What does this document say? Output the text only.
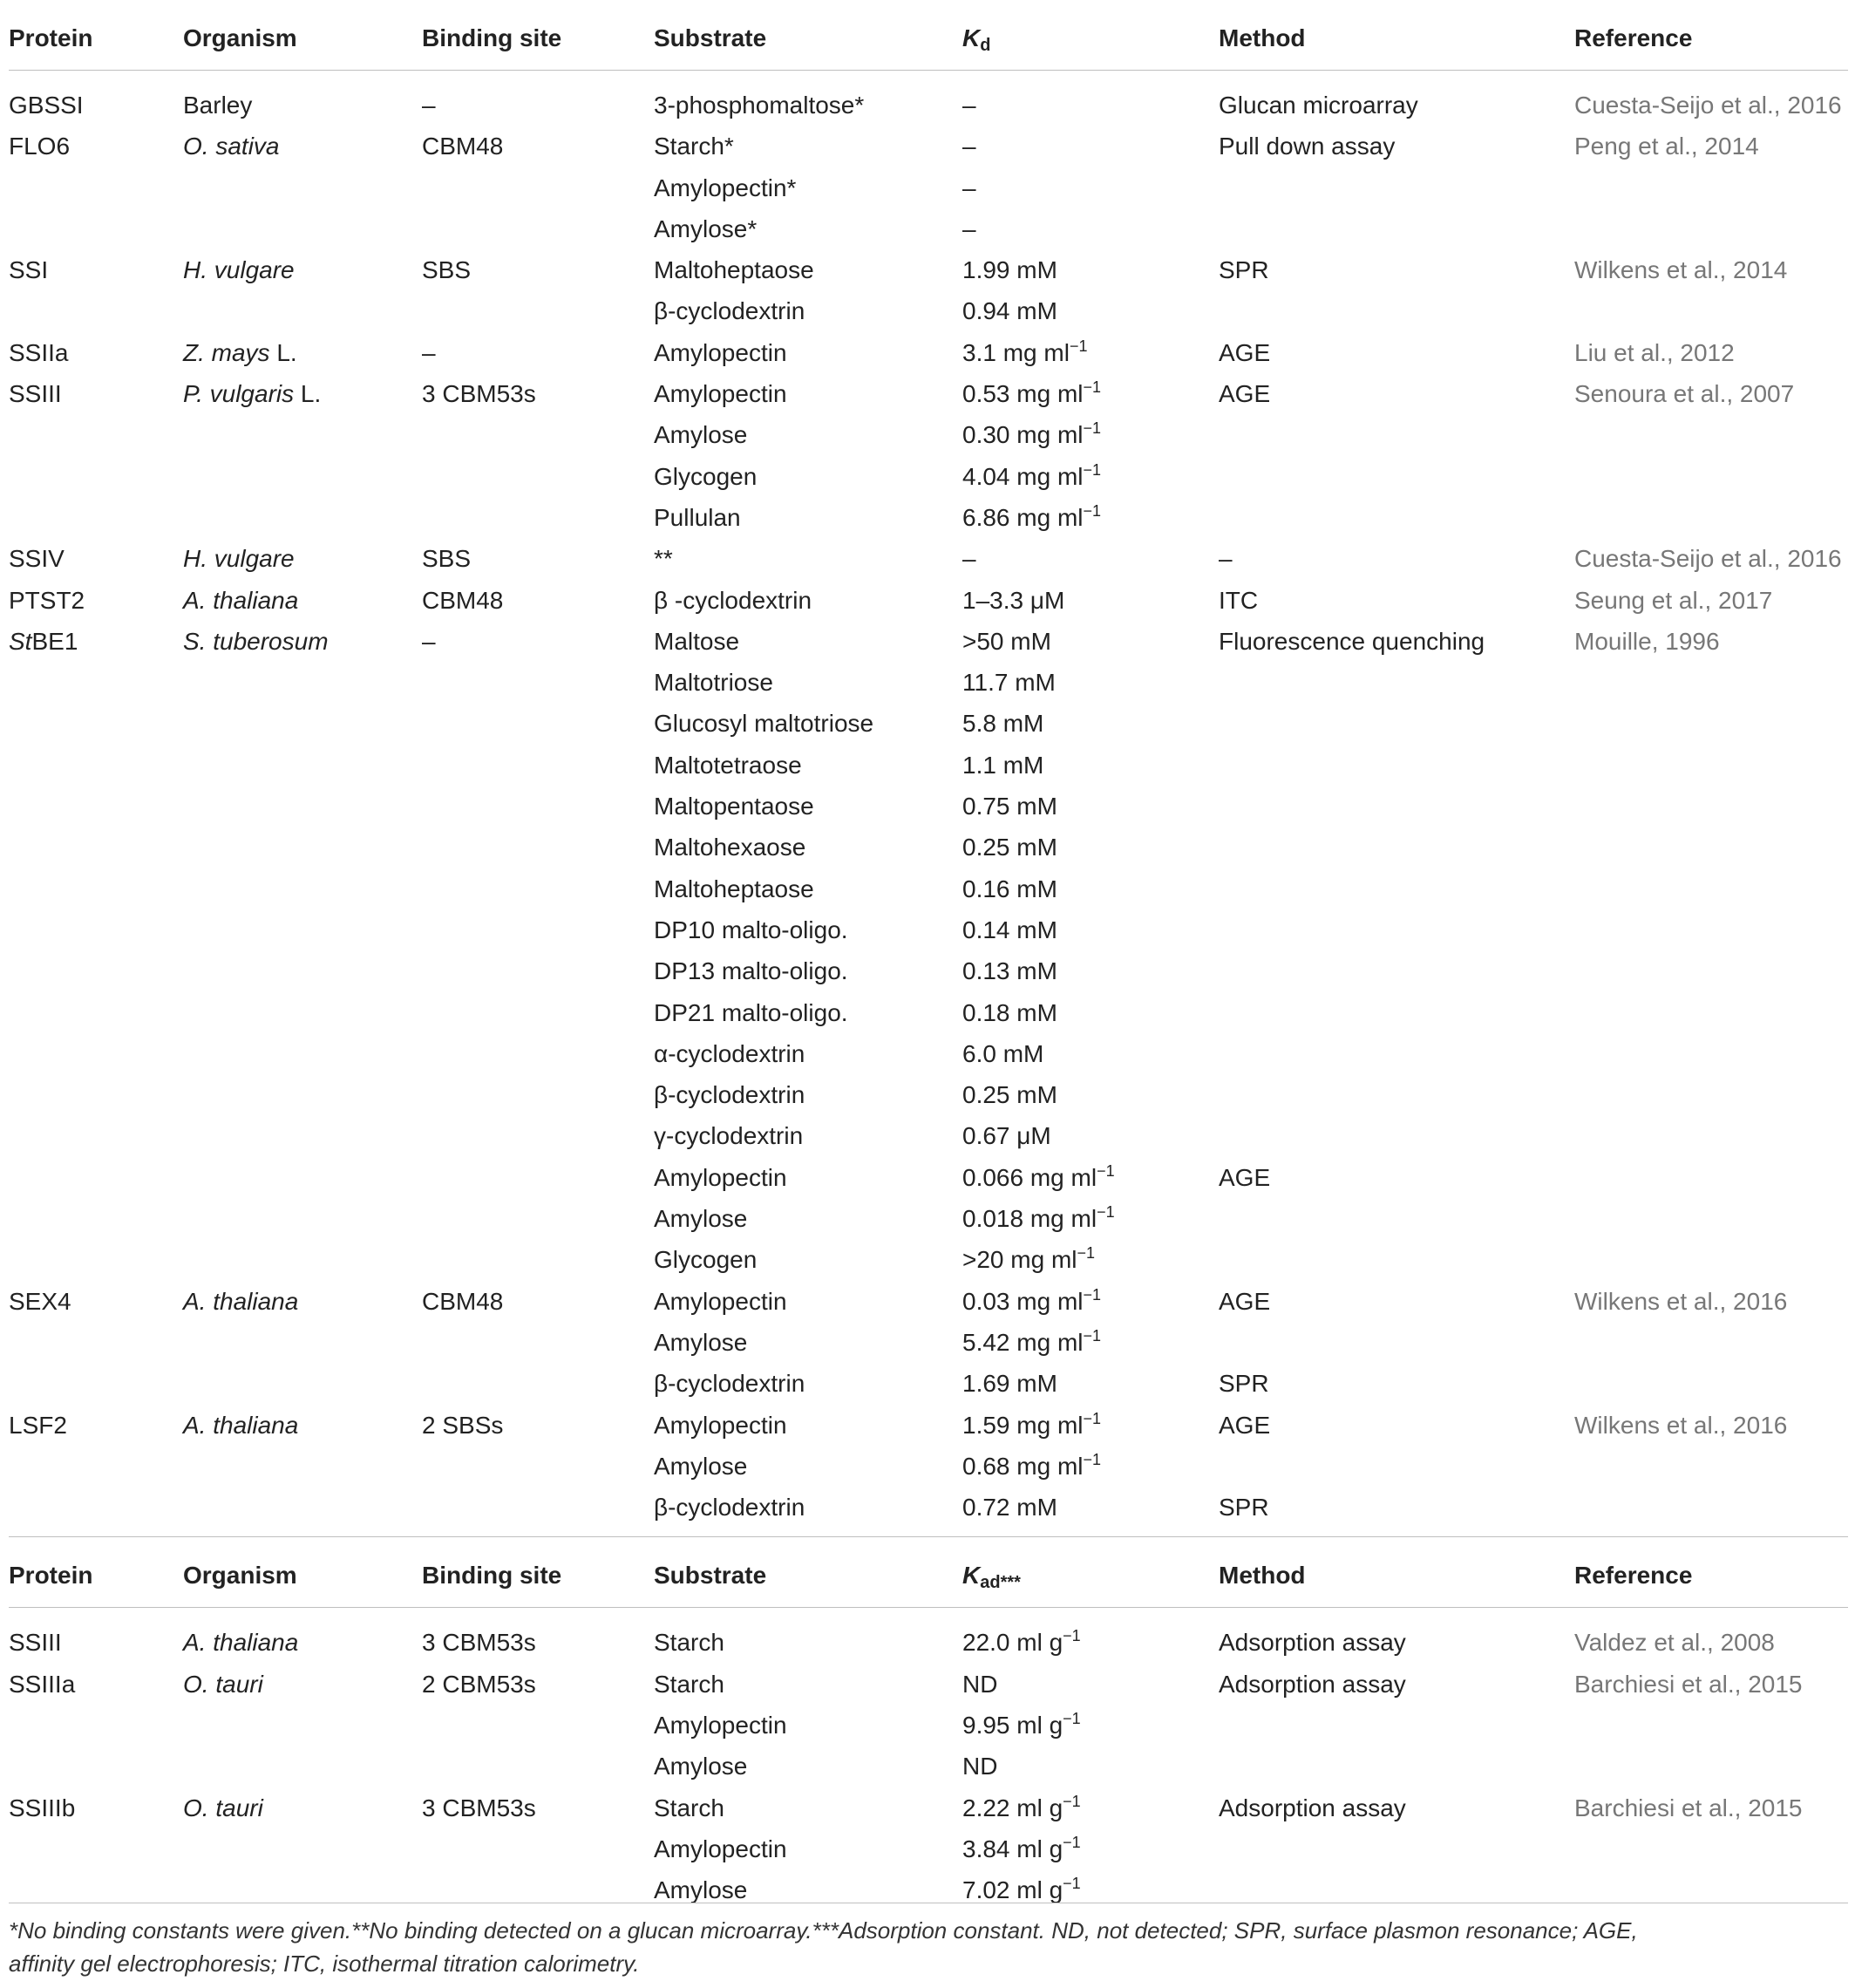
Protein	Organism	Binding site	Substrate	Kd	Method	Reference
GBSSI	Barley	–	3-phosphomaltose*	–	Glucan microarray	Cuesta-Seijo et al., 2016
FLO6	O. sativa	CBM48	Starch*	–	Pull down assay	Peng et al., 2014
Amylopectin*	–
Amylose*	–
SSI	H. vulgare	SBS	Maltoheptaose	1.99 mM	SPR	Wilkens et al., 2014
β-cyclodextrin	0.94 mM
SSIIa	Z. mays L.	–	Amylopectin	3.1 mg $ml^{-1}$	AGE	Liu et al., 2012
SSIII	P. vulgaris L.	3 CBM53s	Amylopectin	0.53 mg $ml^{-1}$	AGE	Senoura et al., 2007
Amylose	0.30 mg $ml^{-1}$
Glycogen	4.04 mg $ml^{-1}$
Pullulan	6.86 mg $ml^{-1}$
SSIV	H. vulgare	SBS	**	–	–	Cuesta-Seijo et al., 2016
PTST2	A. thaliana	CBM48	β -cyclodextrin	1–3.3 μM	ITC	Seung et al., 2017
StBE1	S. tuberosum	–	Maltose	>50 mM	Fluorescence quenching	Mouille, 1996
Maltotriose	11.7 mM
Glucosyl maltotriose	5.8 mM
Maltotetraose	1.1 mM
Maltopentaose	0.75 mM
Maltohexaose	0.25 mM
Maltoheptaose	0.16 mM
DP10 malto-oligo.	0.14 mM
DP13 malto-oligo.	0.13 mM
DP21 malto-oligo.	0.18 mM
α-cyclodextrin	6.0 mM
β-cyclodextrin	0.25 mM
γ-cyclodextrin	0.67 μM
Amylopectin	0.066 mg $ml^{-1}$	AGE
Amylose	0.018 mg $ml^{-1}$
Glycogen	>20 mg $ml^{-1}$
SEX4	A. thaliana	CBM48	Amylopectin	0.03 mg $ml^{-1}$	AGE	Wilkens et al., 2016
Amylose	5.42 mg $ml^{-1}$
β-cyclodextrin	1.69 mM	SPR
LSF2	A. thaliana	2 SBSs	Amylopectin	1.59 mg $ml^{-1}$	AGE	Wilkens et al., 2016
Amylose	0.68 mg $ml^{-1}$
β-cyclodextrin	0.72 mM	SPR
Protein	Organism	Binding site	Substrate	Kad***	Method	Reference
SSIII	A. thaliana	3 CBM53s	Starch	22.0 ml $g^{-1}$	Adsorption assay	Valdez et al., 2008
SSIIIa	O. tauri	2 CBM53s	Starch	ND	Adsorption assay	Barchiesi et al., 2015
Amylopectin	9.95 ml $g^{-1}$
Amylose	ND
SSIIIb	O. tauri	3 CBM53s	Starch	2.22 ml $g^{-1}$	Adsorption assay	Barchiesi et al., 2015
Amylopectin	3.84 ml $g^{-1}$
Amylose	7.02 ml $g^{-1}$
*No binding constants were given.**No binding detected on a glucan microarray.***Adsorption constant. ND, not detected; SPR, surface plasmon resonance; AGE,
affinity gel electrophoresis; ITC, isothermal titration calorimetry.
